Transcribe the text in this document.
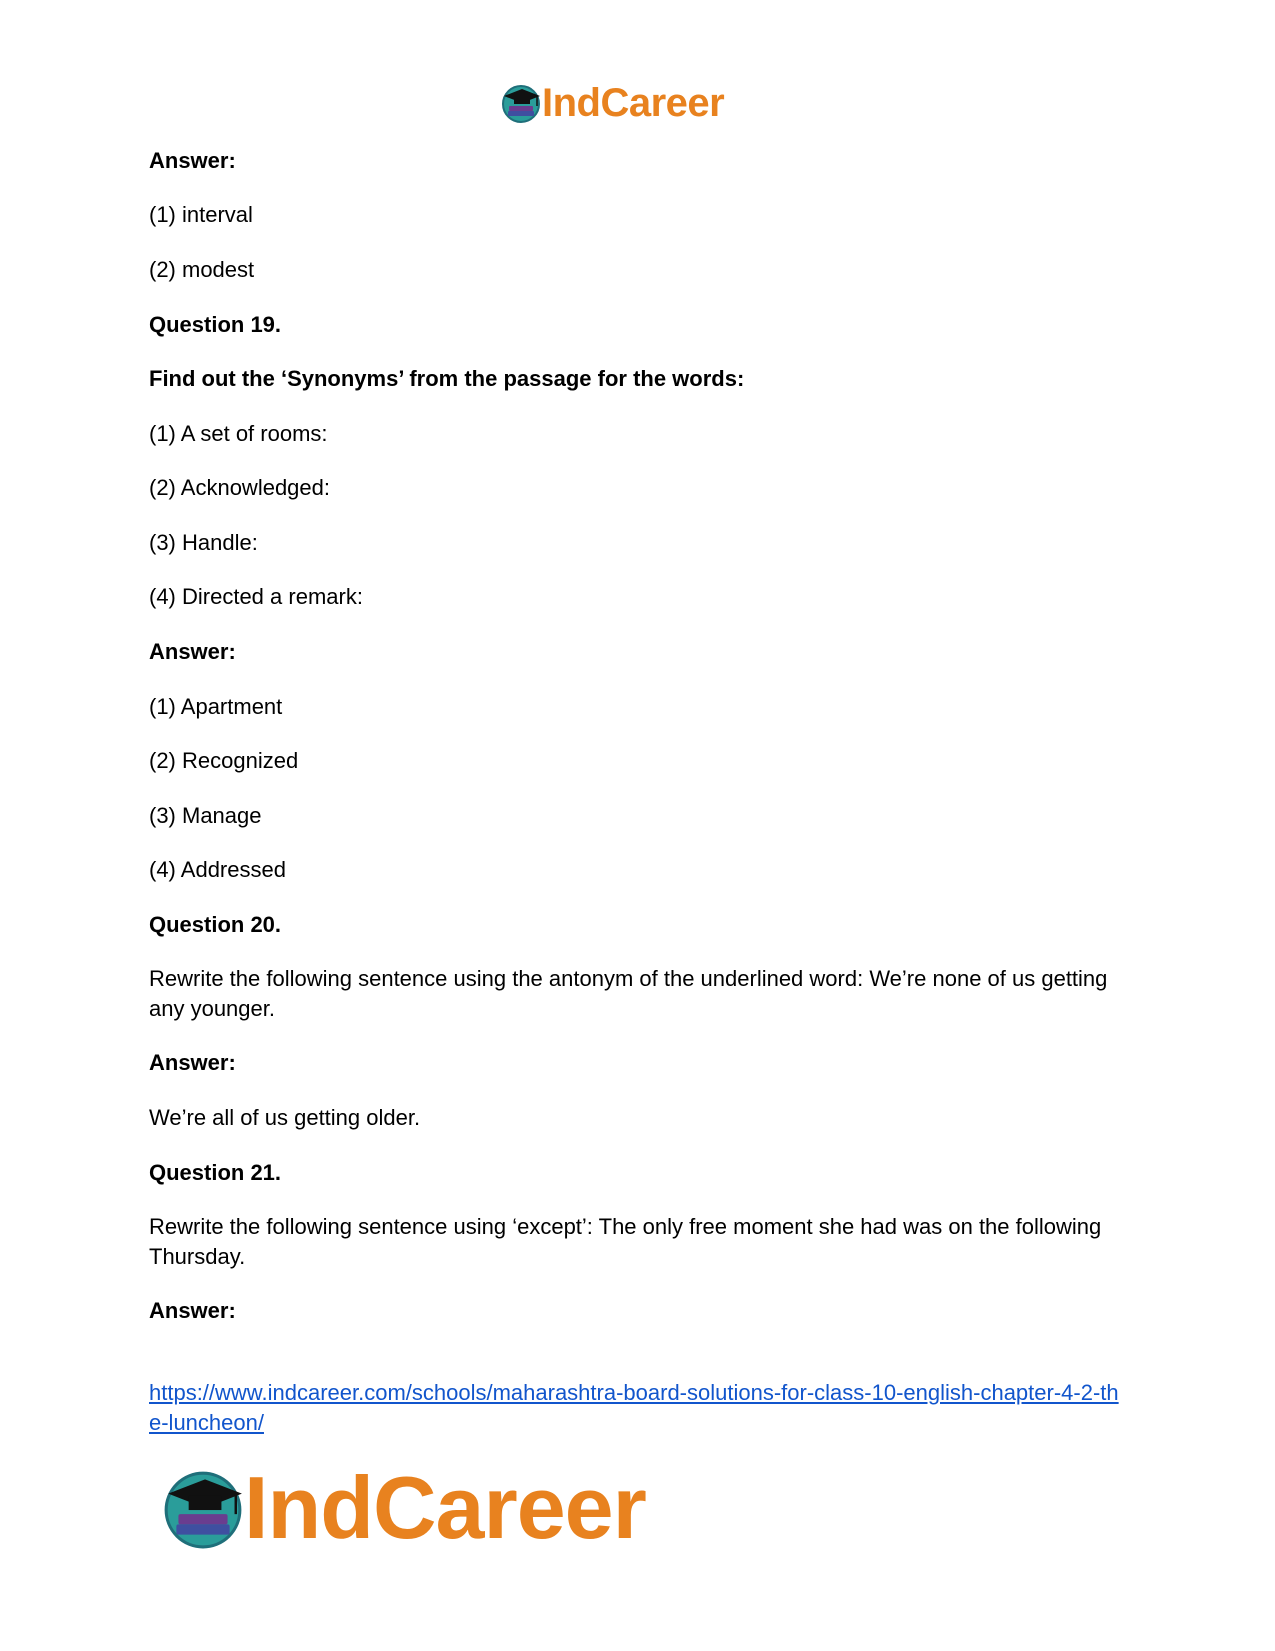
IndCareer
Answer:
(1) interval
(2) modest
Question 19.
Find out the ‘Synonyms’ from the passage for the words:
(1) A set of rooms:
(2) Acknowledged:
(3) Handle:
(4) Directed a remark:
Answer:
(1) Apartment
(2) Recognized
(3) Manage
(4) Addressed
Question 20.
Rewrite the following sentence using the antonym of the underlined word: We’re none of us getting any younger.
Answer:
We’re all of us getting older.
Question 21.
Rewrite the following sentence using ‘except’: The only free moment she had was on the following Thursday.
Answer:
https://www.indcareer.com/schools/maharashtra-board-solutions-for-class-10-english-chapter-4-2-the-luncheon/
IndCareer
